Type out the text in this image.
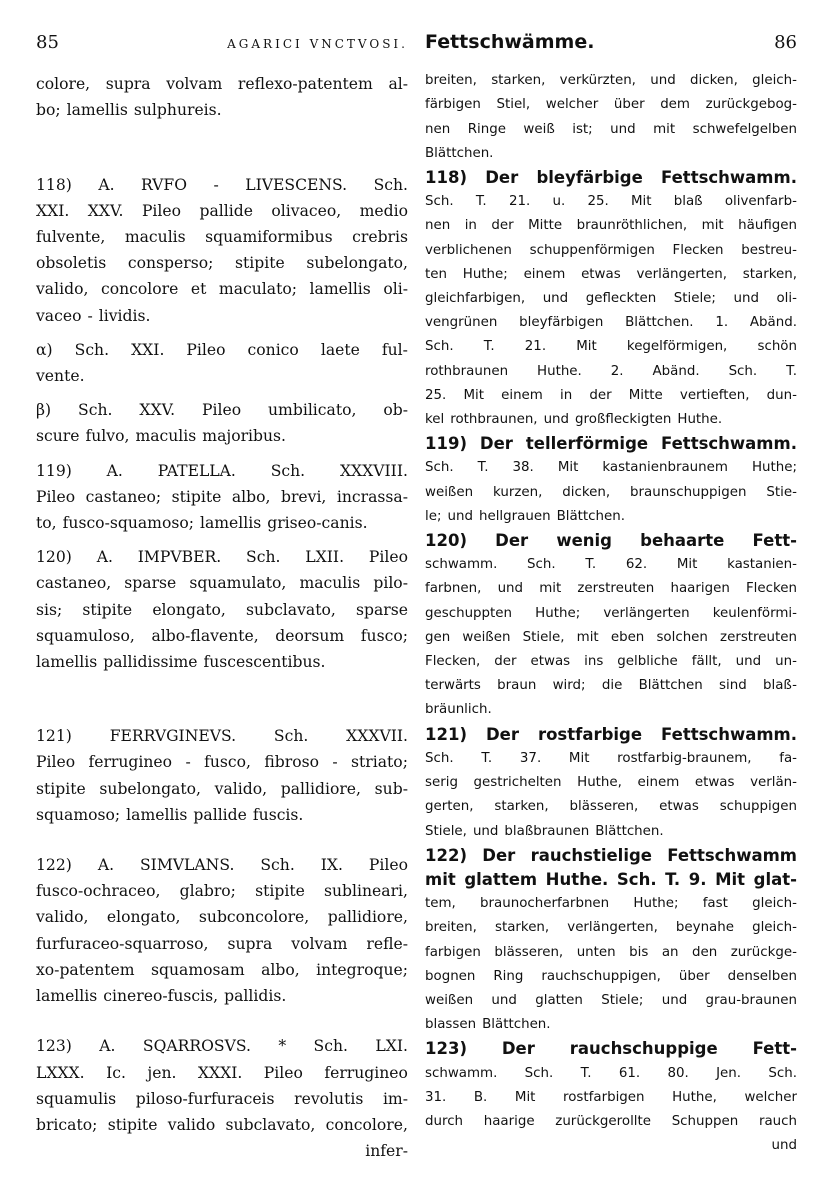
85	AGARICI VNCTVOSI.
colore, supra volvam reflexo-patentem al-
bo; lamellis sulphureis.
118) A. RVFO - LIVESCENS. Sch.
XXI. XXV. Pileo pallide olivaceo, medio
fulvente, maculis squamiformibus crebris
obsoletis conspersо; stipite subelongato,
valido, concolore et maculato; lamellis oli-
vaceo - lividis.
α) Sch. XXI. Pileo conico laete ful-
vente.
β) Sch. XXV. Pileo umbilicato, ob-
scure fulvo, maculis majoribus.
119) A. PATELLA. Sch. XXXVIII.
Pileo castaneo; stipite albo, brevi, incrassa-
to, fusco-squamoso; lamellis griseo-canis.
120) A. IMPVBER. Sch. LXII. Pileo
castaneo, sparse squamulato, maculis pilo-
sis; stipite elongato, subclavato, sparse
squamuloso, albo-flavente, deorsum fusco;
lamellis pallidissime fuscescentibus.
121) FERRVGINEVS. Sch. XXXVII.
Pileo ferrugineo - fusco, fibroso - striato;
stipite subelongato, valido, pallidiore, sub-
squamoso; lamellis pallide fuscis.
122) A. SIMVLANS. Sch. IX. Pileo
fusco-ochraceo, glabro; stipite sublineari,
valido, elongato, subconcolore, pallidiore,
furfuraceo-squarroso, supra volvam refle-
xo-patentem squamosam albo, integroque;
lamellis cinereo-fuscis, pallidis.
123) A. SQARROSVS. * Sch. LXI.
LXXX. Ic. jen. XXXI. Pileo ferrugineo
squamulis piloso-furfuraceis revolutis im-
bricato; stipite valido subclavato, concolore,
infer-
Fettschwämme.	86
breiten, starken, verkürzten, und dicken, gleich-
färbigen Stiel, welcher über dem zurückgebog-
nen Ringe weiß ist; und mit schwefelgelben
Blättchen.
118) Der bleyfärbige Fettschwamm.
Sch. T. 21. u. 25. Mit blaß olivenfarb-
nen in der Mitte braunröthlichen, mit häufigen
verblichenen schuppenförmigen Flecken bestreu-
ten Huthe; einem etwas verlängerten, starken,
gleichfarbigen, und gefleckten Stiele; und oli-
vengrünen bleyfärbigen Blättchen. 1. Abänd.
Sch. T. 21. Mit kegelförmigen, schön
rothbraunen Huthe. 2. Abänd. Sch. T.
25. Mit einem in der Mitte vertieften, dun-
kel rothbraunen, und großfleckigten Huthe.
119) Der tellerförmige Fettschwamm.
Sch. T. 38. Mit kastanienbraunem Huthe;
weißen kurzen, dicken, braunschuppigen Stie-
le; und hellgrauen Blättchen.
120) Der wenig behaarte Fett-
schwamm. Sch. T. 62. Mit kastanien-
farbnen, und mit zerstreuten haarigen Flecken
geschuppten Huthe; verlängerten keulenförmi-
gen weißen Stiele, mit eben solchen zerstreuten
Flecken, der etwas ins gelbliche fällt, und un-
terwärts braun wird; die Blättchen sind blaß-
bräunlich.
121) Der rostfarbige Fettschwamm.
Sch. T. 37. Mit rostfarbig-braunem, fa-
serig gestrichelten Huthe, einem etwas verlän-
gerten, starken, blässeren, etwas schuppigen
Stiele, und blaßbraunen Blättchen.
122) Der rauchstielige Fettschwamm
mit glattem Huthe. Sch. T. 9. Mit glat-
tem, braunocherfarbnen Huthe; fast gleich-
breiten, starken, verlängerten, beynahe gleich-
farbigen blässeren, unten bis an den zurückge-
bognen Ring rauchschuppigen, über denselben
weißen und glatten Stiele; und grau-braunen
blassen Blättchen.
123) Der rauchschuppige Fett-
schwamm. Sch. T. 61. 80. Jen. Sch.
31. B. Mit rostfarbigen Huthe, welcher
durch haarige zurückgerollte Schuppen rauch
und
